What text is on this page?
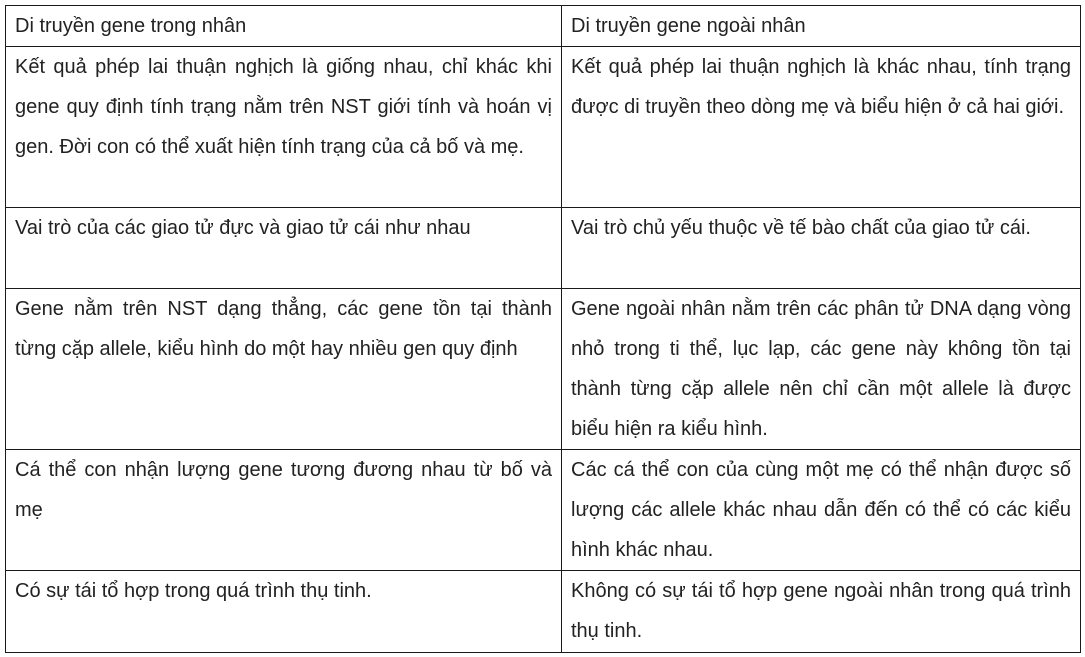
Di truyền gene trong nhân	Di truyền gene ngoài nhân
Kết quả phép lai thuận nghịch là giống nhau, chỉ khác khi gene quy định tính trạng nằm trên NST giới tính và hoán vị gen. Đời con có thể xuất hiện tính trạng của cả bố và mẹ.	Kết quả phép lai thuận nghịch là khác nhau, tính trạng được di truyền theo dòng mẹ và biểu hiện ở cả hai giới.
Vai trò của các giao tử đực và giao tử cái như nhau	Vai trò chủ yếu thuộc về tế bào chất của giao tử cái.
Gene nằm trên NST dạng thẳng, các gene tồn tại thành từng cặp allele, kiểu hình do một hay nhiều gen quy định	Gene ngoài nhân nằm trên các phân tử DNA dạng vòng nhỏ trong ti thể, lục lạp, các gene này không tồn tại thành từng cặp allele nên chỉ cần một allele là được biểu hiện ra kiểu hình.
Cá thể con nhận lượng gene tương đương nhau từ bố và mẹ	Các cá thể con của cùng một mẹ có thể nhận được số lượng các allele khác nhau dẫn đến có thể có các kiểu hình khác nhau.
Có sự tái tổ hợp trong quá trình thụ tinh.	Không có sự tái tổ hợp gene ngoài nhân trong quá trình thụ tinh.
